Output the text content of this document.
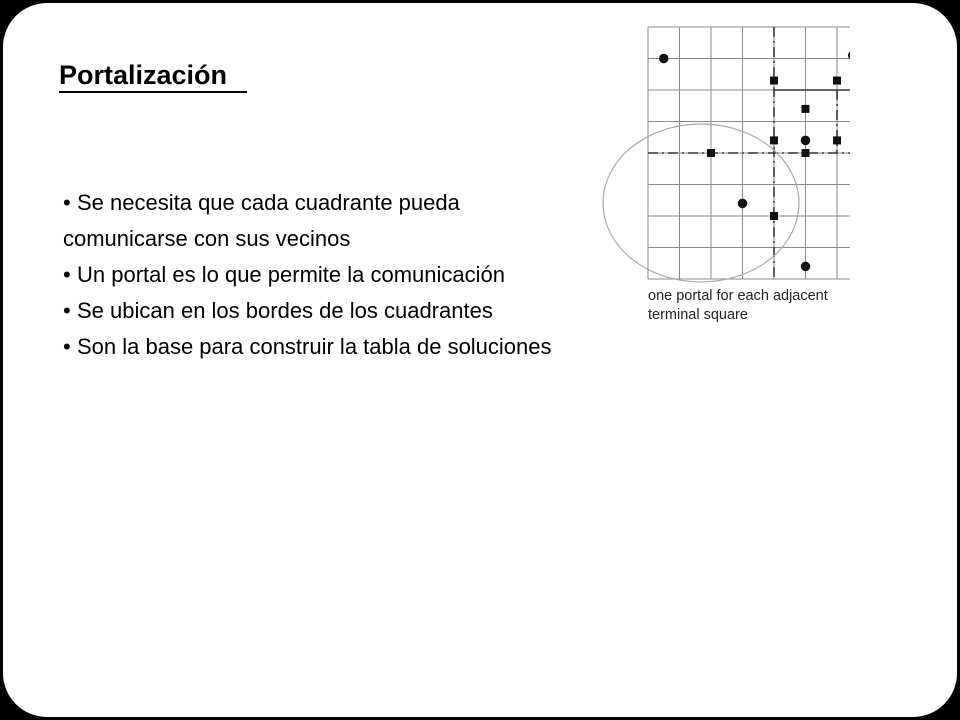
Portalización
• Se necesita que cada cuadrante pueda comunicarse con sus vecinos
• Un portal es lo que permite la comunicación
• Se ubican en los bordes de los cuadrantes
• Son la base para construir la tabla de soluciones
one portal for each adjacent
terminal square
